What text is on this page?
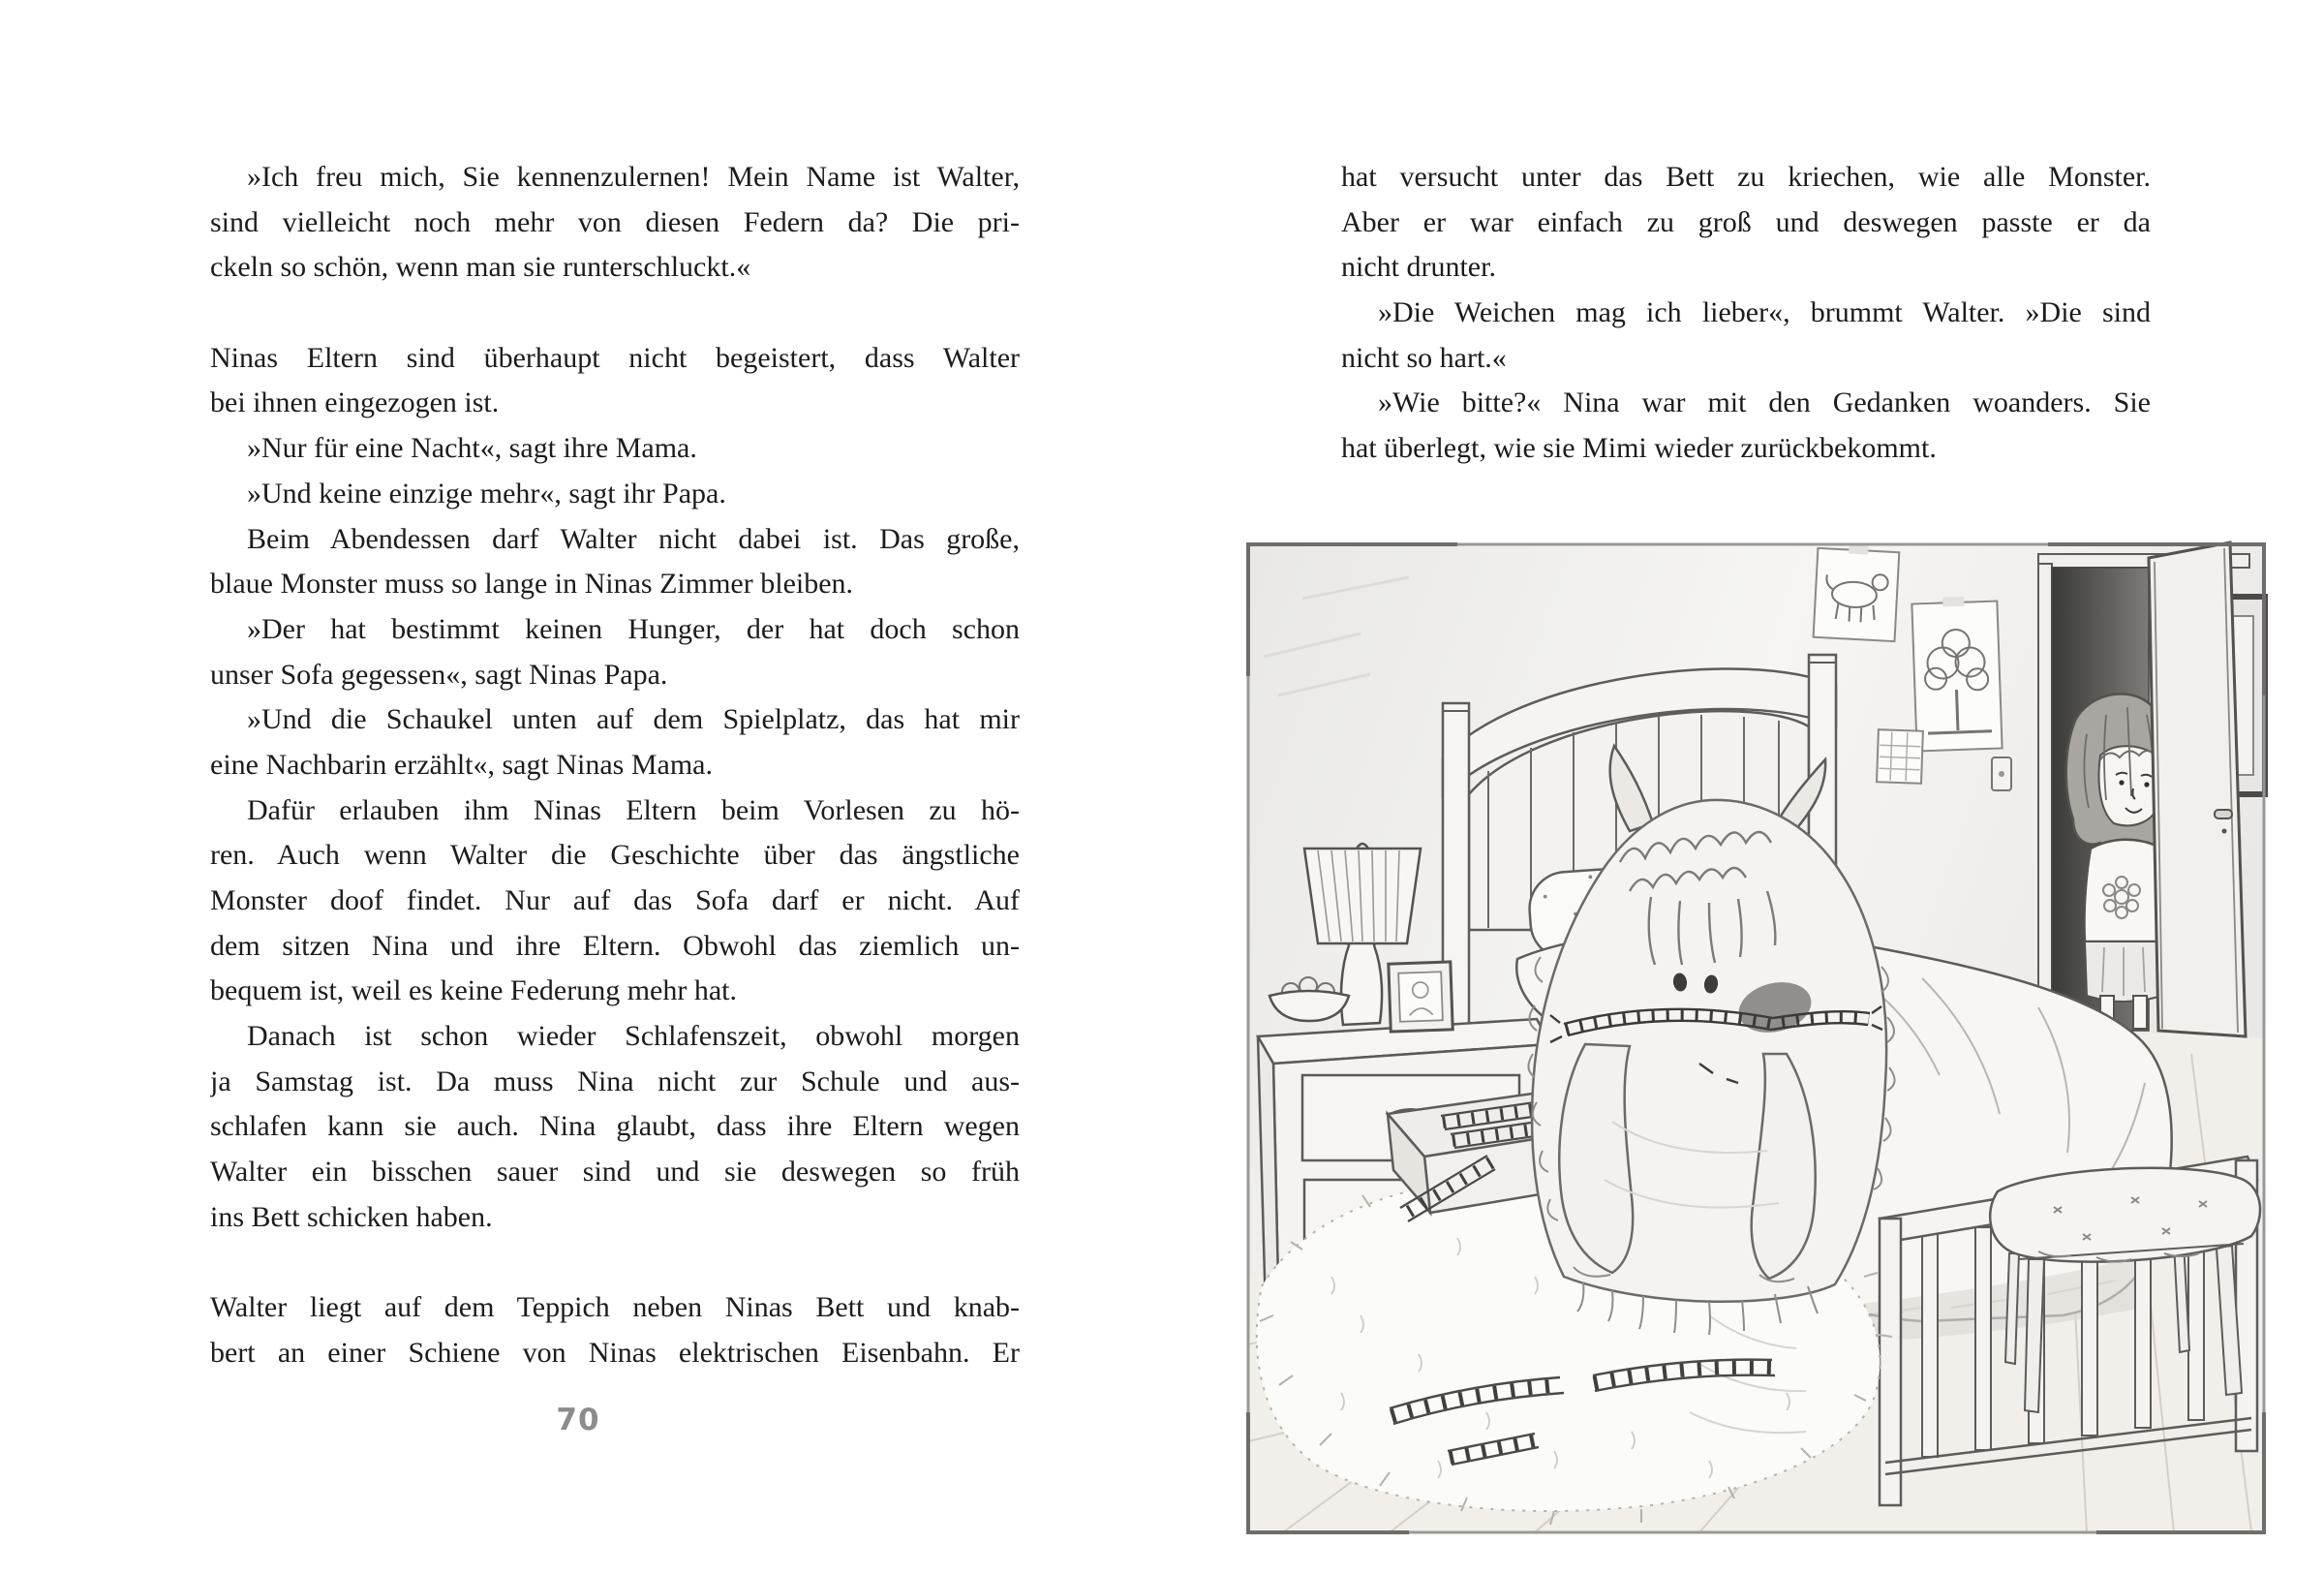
»Ich freu mich, Sie kennenzulernen! Mein Name ist Walter,
sind vielleicht noch mehr von diesen Federn da? Die pri-
ckeln so schön, wenn man sie runterschluckt.«
Ninas Eltern sind überhaupt nicht begeistert, dass Walter
bei ihnen eingezogen ist.
»Nur für eine Nacht«, sagt ihre Mama.
»Und keine einzige mehr«, sagt ihr Papa.
Beim Abendessen darf Walter nicht dabei ist. Das große,
blaue Monster muss so lange in Ninas Zimmer bleiben.
»Der hat bestimmt keinen Hunger, der hat doch schon
unser Sofa gegessen«, sagt Ninas Papa.
»Und die Schaukel unten auf dem Spielplatz, das hat mir
eine Nachbarin erzählt«, sagt Ninas Mama.
Dafür erlauben ihm Ninas Eltern beim Vorlesen zu hö-
ren. Auch wenn Walter die Geschichte über das ängstliche
Monster doof findet. Nur auf das Sofa darf er nicht. Auf
dem sitzen Nina und ihre Eltern. Obwohl das ziemlich un-
bequem ist, weil es keine Federung mehr hat.
Danach ist schon wieder Schlafenszeit, obwohl morgen
ja Samstag ist. Da muss Nina nicht zur Schule und aus-
schlafen kann sie auch. Nina glaubt, dass ihre Eltern wegen
Walter ein bisschen sauer sind und sie deswegen so früh
ins Bett schicken haben.
Walter liegt auf dem Teppich neben Ninas Bett und knab-
bert an einer Schiene von Ninas elektrischen Eisenbahn. Er
70
hat versucht unter das Bett zu kriechen, wie alle Monster.
Aber er war einfach zu groß und deswegen passte er da
nicht drunter.
»Die Weichen mag ich lieber«, brummt Walter. »Die sind
nicht so hart.«
»Wie bitte?« Nina war mit den Gedanken woanders. Sie
hat überlegt, wie sie Mimi wieder zurückbekommt.
